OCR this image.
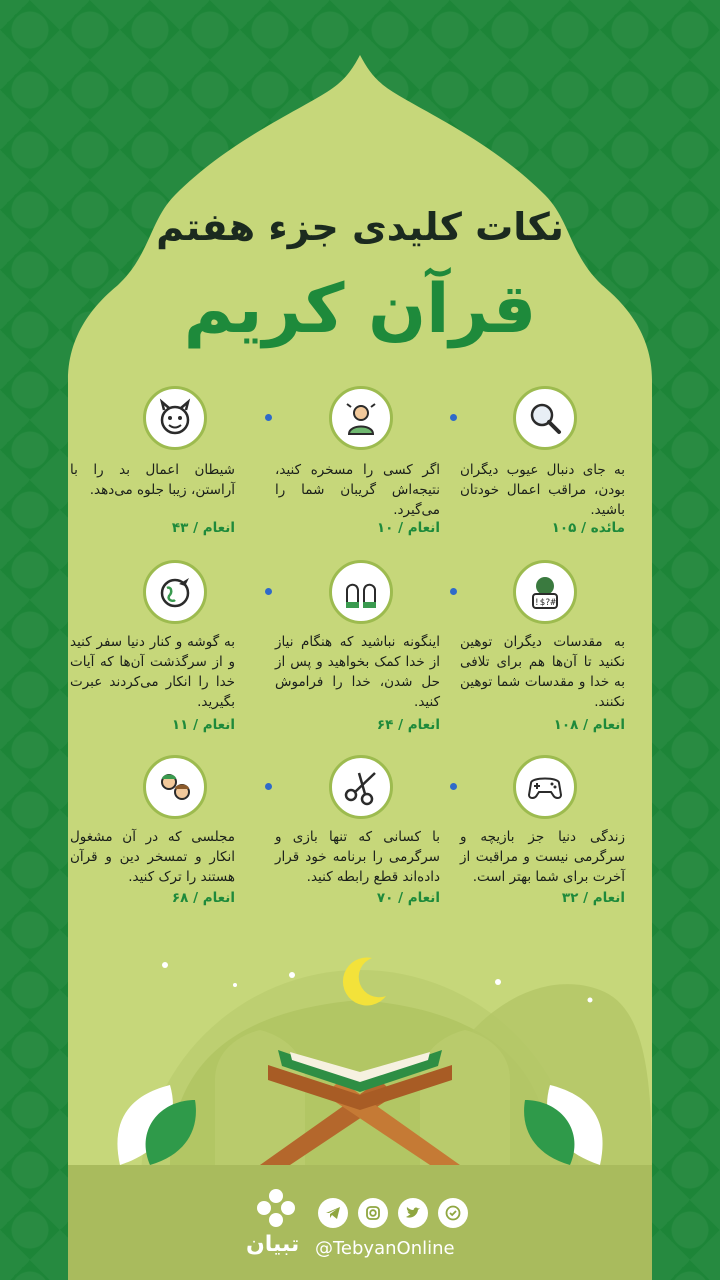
نکات کلیدی جزء هفتم
قرآن کریم
به جای دنبال عیوب دیگران بودن، مراقب اعمال خودتان باشید.
مائده / ۱۰۵
اگر کسی را مسخره کنید، نتیجه‌اش گریبان شما را می‌گیرد.
انعام / ۱۰
شیطان اعمال بد را با آراستن، زیبا جلوه می‌دهد.
انعام / ۴۳
!$?#
به مقدسات دیگران توهین نکنید تا آن‌ها هم برای تلافی به خدا و مقدسات شما توهین نکنند.
انعام / ۱۰۸
اینگونه نباشید که هنگام نیاز از خدا کمک بخواهید و پس از حل شدن، خدا را فراموش کنید.
انعام / ۶۴
به گوشه و کنار دنیا سفر کنید و از سرگذشت آن‌ها که آیات خدا را انکار می‌کردند عبرت بگیرید.
انعام / ۱۱
زندگی دنیا جز بازیچه و سرگرمی نیست و مراقبت از آخرت برای شما بهتر است.
انعام / ۳۲
با کسانی که تنها بازی و سرگرمی را برنامه خود قرار داده‌اند قطع رابطه کنید.
انعام / ۷۰
مجلسی که در آن مشغول انکار و تمسخر دین و قرآن هستند را ترک کنید.
انعام / ۶۸
تبیان @TebyanOnline
